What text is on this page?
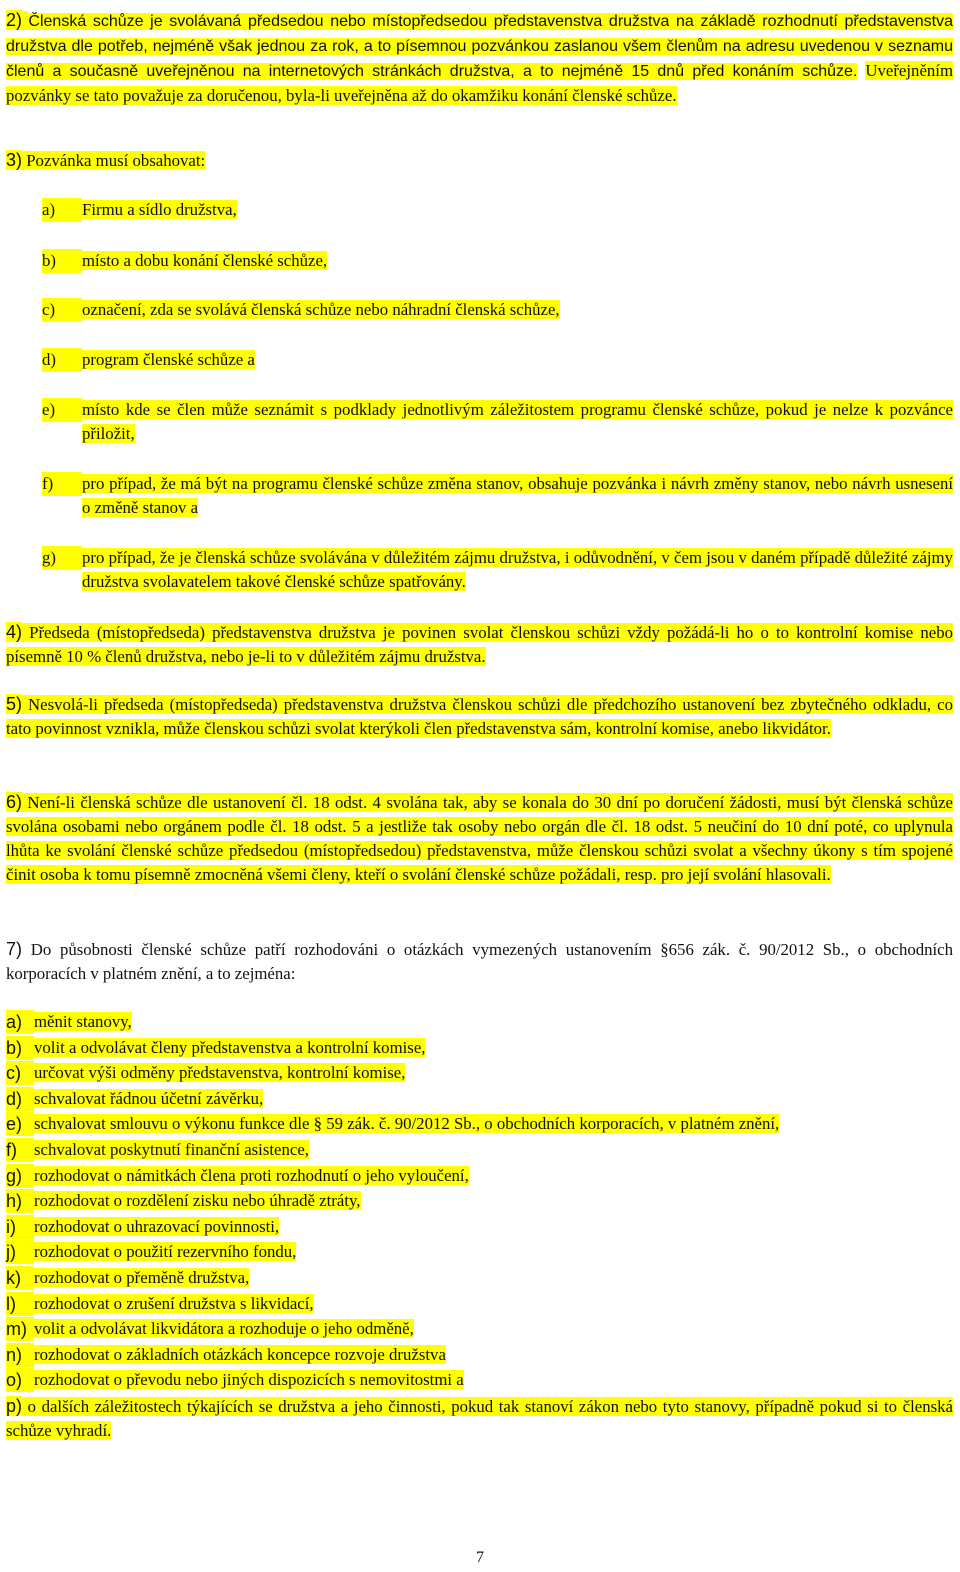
2) Členská schůze je svolávaná předsedou nebo místopředsedou představenstva družstva na základě rozhodnutí představenstva družstva dle potřeb, nejméně však jednou za rok, a to písemnou pozvánkou zaslanou všem členům na adresu uvedenou v seznamu členů a současně uveřejněnou na internetových stránkách družstva, a to nejméně 15 dnů před konáním schůze. Uveřejněním pozvánky se tato považuje za doručenou, byla-li uveřejněna až do okamžiku konání členské schůze.

3) Pozvánka musí obsahovat:
a)	Firmu a sídlo družstva,
b)	místo a dobu konání členské schůze,
c)	označení, zda se svolává členská schůze nebo náhradní členská schůze,
d)	program členské schůze a
e)	místo kde se člen může seznámit s podklady jednotlivým záležitostem programu členské schůze, pokud je nelze k pozvánce přiložit,
f)	pro případ, že má být na programu členské schůze změna stanov, obsahuje pozvánka i návrh změny stanov, nebo návrh usnesení o změně stanov a
g)	pro případ, že je členská schůze svolávána v důležitém zájmu družstva, i odůvodnění, v čem jsou v daném případě důležité zájmy družstva svolavatelem takové členské schůze spatřovány.

4) Předseda (místopředseda) představenstva družstva je povinen svolat členskou schůzi vždy požádá-li ho o to kontrolní komise nebo písemně 10 % členů družstva, nebo je-li to v důležitém zájmu družstva.

5) Nesvolá-li předseda (místopředseda) představenstva družstva členskou schůzi dle předchozího ustanovení bez zbytečného odkladu, co tato povinnost vznikla, může členskou schůzi svolat kterýkoli člen představenstva sám, kontrolní komise, anebo likvidátor.

6) Není-li členská schůze dle ustanovení čl. 18 odst. 4 svolána tak, aby se konala do 30 dní po doručení žádosti, musí být členská schůze svolána osobami nebo orgánem podle čl. 18 odst. 5 a jestliže tak osoby nebo orgán dle čl. 18 odst. 5 neučiní do 10 dní poté, co uplynula lhůta ke svolání členské schůze předsedou (místopředsedou) představenstva, může členskou schůzi svolat a všechny úkony s tím spojené činit osoba k tomu písemně zmocněná všemi členy, kteří o svolání členské schůze požádali, resp. pro její svolání hlasovali.

7) Do působnosti členské schůze patří rozhodováni o otázkách vymezených ustanovením §656 zák. č. 90/2012 Sb., o obchodních korporacích v platném znění, a to zejména:

a) měnit stanovy,
b) volit a odvolávat členy představenstva a kontrolní komise,
c) určovat výši odměny představenstva, kontrolní komise,
d) schvalovat řádnou účetní závěrku,
e) schvalovat smlouvu o výkonu funkce dle § 59 zák. č. 90/2012 Sb., o obchodních korporacích, v platném znění,
f)	schvalovat poskytnutí finanční asistence,
g) rozhodovat o námitkách člena proti rozhodnutí o jeho vyloučení,
h) rozhodovat o rozdělení zisku nebo úhradě ztráty,
i)	rozhodovat o uhrazovací povinnosti,
j)	rozhodovat o použití rezervního fondu,
k) rozhodovat o přeměně družstva,
l)	rozhodovat o zrušení družstva s likvidací,
m) volit a odvolávat likvidátora a rozhoduje o jeho odměně,
n) rozhodovat o základních otázkách koncepce rozvoje družstva
o) rozhodovat o převodu nebo jiných dispozicích s nemovitostmi a
p) o dalších záležitostech týkajících se družstva a jeho činnosti, pokud tak stanoví zákon nebo tyto stanovy, případně pokud si to členská schůze vyhradí.
7
